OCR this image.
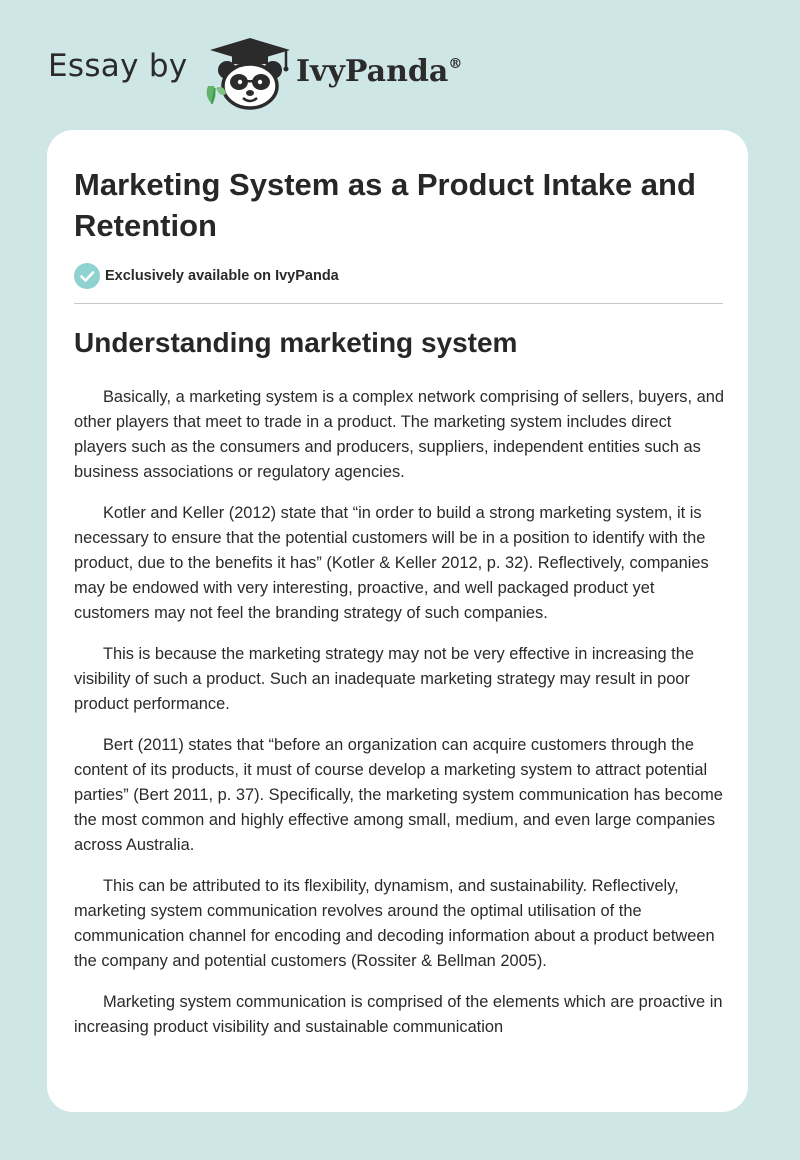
Essay by	IvyPanda®
Marketing System as a Product Intake and Retention
Exclusively available on IvyPanda
Understanding marketing system

Basically, a marketing system is a complex network comprising of sellers, buyers, and other players that meet to trade in a product. The marketing system includes direct players such as the consumers and producers, suppliers, independent entities such as business associations or regulatory agencies.

Kotler and Keller (2012) state that “in order to build a strong marketing system, it is necessary to ensure that the potential customers will be in a position to identify with the product, due to the benefits it has” (Kotler & Keller 2012, p. 32). Reflectively, companies may be endowed with very interesting, proactive, and well packaged product yet customers may not feel the branding strategy of such companies.

This is because the marketing strategy may not be very effective in increasing the visibility of such a product. Such an inadequate marketing strategy may result in poor product performance.

Bert (2011) states that “before an organization can acquire customers through the content of its products, it must of course develop a marketing system to attract potential parties” (Bert 2011, p. 37). Specifically, the marketing system communication has become the most common and highly effective among small, medium, and even large companies across Australia.

This can be attributed to its flexibility, dynamism, and sustainability. Reflectively, marketing system communication revolves around the optimal utilisation of the communication channel for encoding and decoding information about a product between the company and potential customers (Rossiter & Bellman 2005).

Marketing system communication is comprised of the elements which are proactive in increasing product visibility and sustainable communication
